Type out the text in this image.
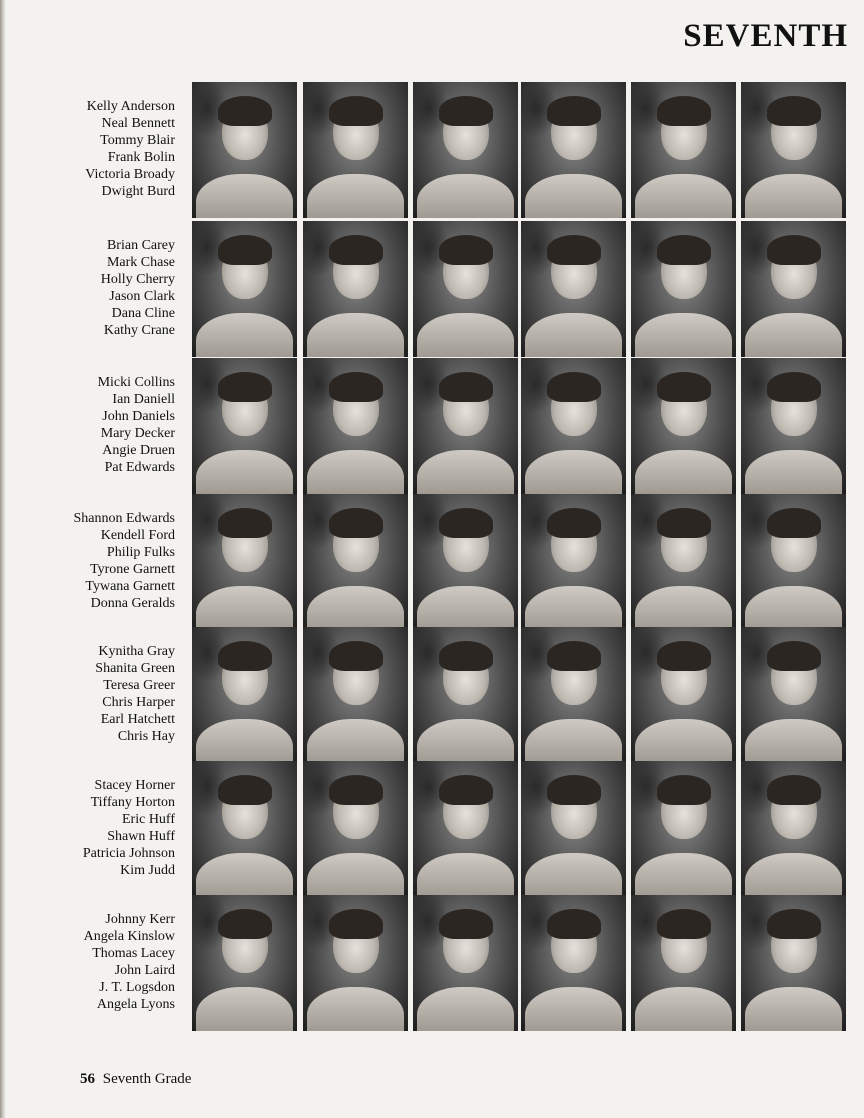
SEVENTH
Kelly Anderson
Neal Bennett
Tommy Blair
Frank Bolin
Victoria Broady
Dwight Burd
Brian Carey
Mark Chase
Holly Cherry
Jason Clark
Dana Cline
Kathy Crane
Micki Collins
Ian Daniell
John Daniels
Mary Decker
Angie Druen
Pat Edwards
Shannon Edwards
Kendell Ford
Philip Fulks
Tyrone Garnett
Tywana Garnett
Donna Geralds
Kynitha Gray
Shanita Green
Teresa Greer
Chris Harper
Earl Hatchett
Chris Hay
Stacey Horner
Tiffany Horton
Eric Huff
Shawn Huff
Patricia Johnson
Kim Judd
Johnny Kerr
Angela Kinslow
Thomas Lacey
John Laird
J. T. Logsdon
Angela Lyons
56 Seventh Grade
